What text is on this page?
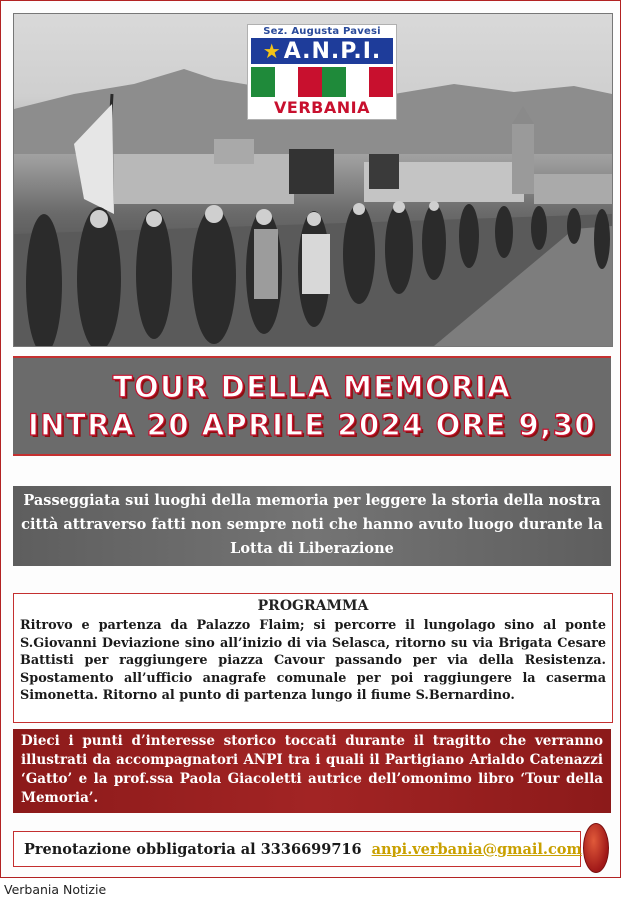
Sez. Augusta Pavesi
★A.N.P.I.
VERBANIA
TOUR DELLA MEMORIA
INTRA 20 APRILE 2024 ORE 9,30

Passeggiata sui luoghi della memoria per leggere la storia della nostra città attraverso fatti non sempre noti che hanno avuto luogo durante la Lotta di Liberazione

PROGRAMMA

Ritrovo e partenza da Palazzo Flaim; si percorre il lungolago sino al ponte S.Giovanni Deviazione sino all’inizio di via Selasca, ritorno su via Brigata Cesare Battisti per raggiungere piazza Cavour passando per via della Resistenza. Spostamento all’ufficio anagrafe comunale per poi raggiungere la caserma Simonetta. Ritorno al punto di partenza lungo il fiume S.Bernardino.

Dieci i punti d’interesse storico toccati durante il tragitto che verranno illustrati da accompagnatori ANPI tra i quali il Partigiano Arialdo Catenazzi ‘Gatto’ e la prof.ssa Paola Giacoletti autrice dell’omonimo libro ‘Tour della Memoria’.

Prenotazione obbligatoria al 3336699716 anpi.verbania@gmail.com
Verbania Notizie
